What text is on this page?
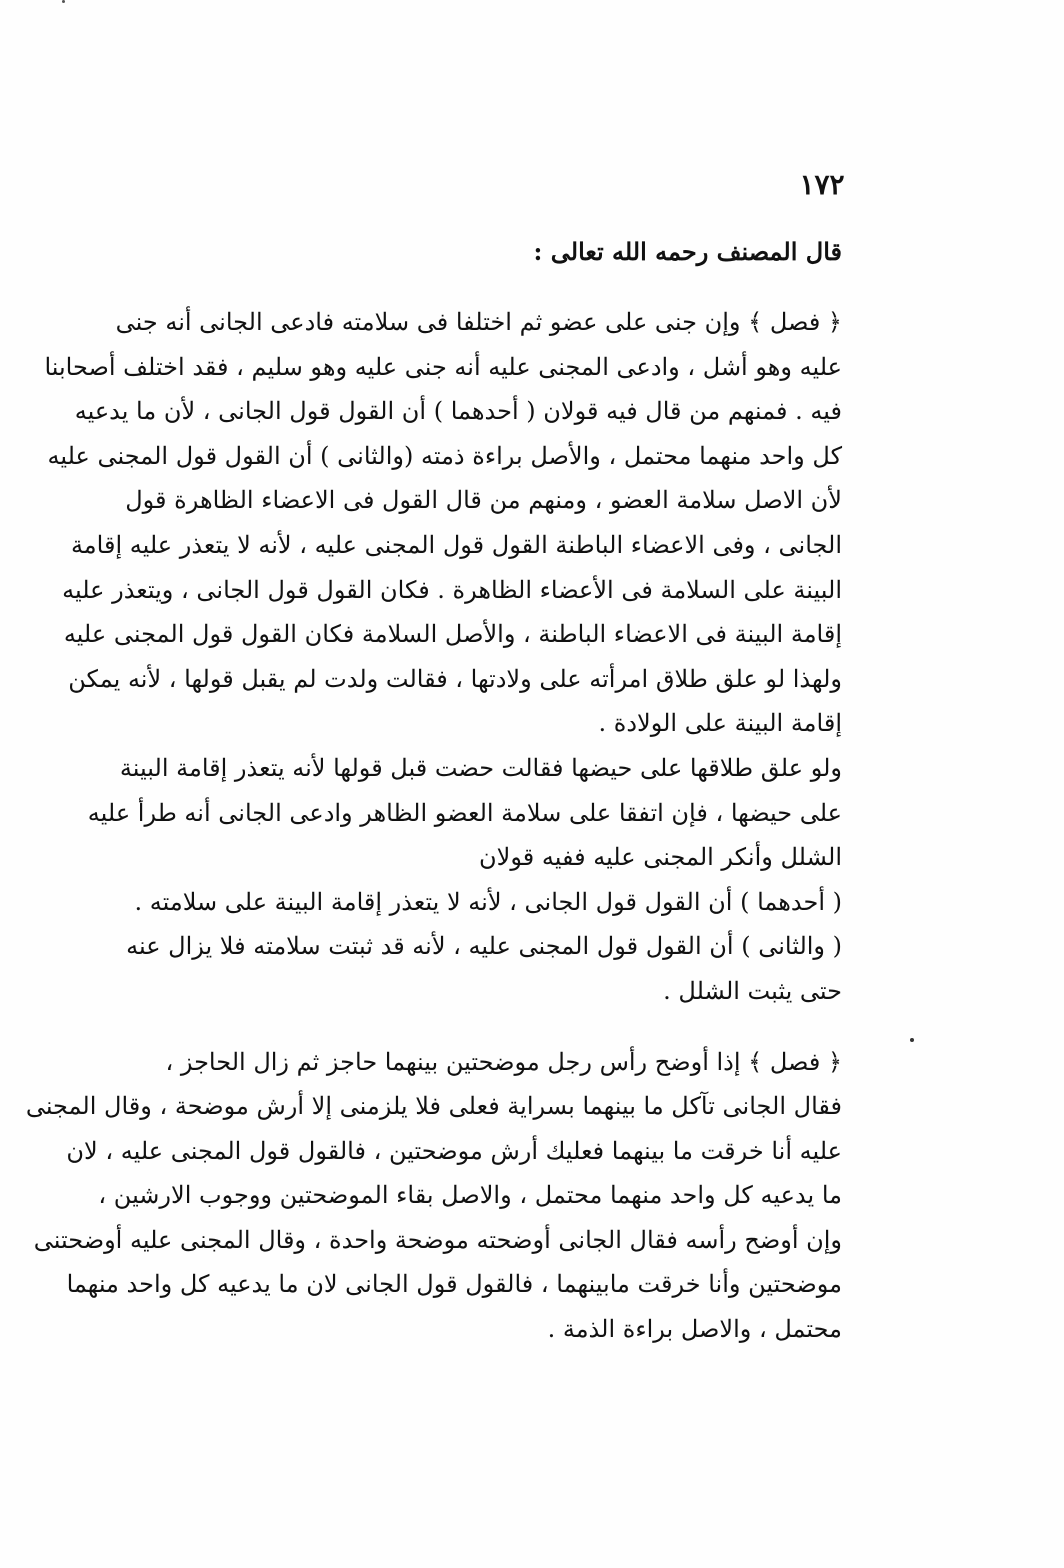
١٧٢
قال المصنف رحمه الله تعالى :
﴿ فصل ﴾ وإن جنى على عضو ثم اختلفا فى سلامته فادعى الجانى أنه جنى
عليه وهو أشل ، وادعى المجنى عليه أنه جنى عليه وهو سليم ، فقد اختلف أصحابنا
فيه . فمنهم من قال فيه قولان ( أحدهما ) أن القول قول الجانى ، لأن ما يدعيه
كل واحد منهما محتمل ، والأصل براءة ذمته (والثانى ) أن القول قول المجنى عليه
لأن الاصل سلامة العضو ، ومنهم من قال القول فى الاعضاء الظاهرة قول
الجانى ، وفى الاعضاء الباطنة القول قول المجنى عليه ، لأنه لا يتعذر عليه إقامة
البينة على السلامة فى الأعضاء الظاهرة . فكان القول قول الجانى ، ويتعذر عليه
إقامة البينة فى الاعضاء الباطنة ، والأصل السلامة فكان القول قول المجنى عليه
ولهذا لو علق طلاق امرأته على ولادتها ، فقالت ولدت لم يقبل قولها ، لأنه يمكن
إقامة البينة على الولادة .
ولو علق طلاقها على حيضها فقالت حضت قبل قولها لأنه يتعذر إقامة البينة
على حيضها ، فإن اتفقا على سلامة العضو الظاهر وادعى الجانى أنه طرأ عليه
الشلل وأنكر المجنى عليه ففيه قولان
( أحدهما ) أن القول قول الجانى ، لأنه لا يتعذر إقامة البينة على سلامته .
( والثانى ) أن القول قول المجنى عليه ، لأنه قد ثبتت سلامته فلا يزال عنه
حتى يثبت الشلل .
﴿ فصل ﴾ إذا أوضح رأس رجل موضحتين بينهما حاجز ثم زال الحاجز ،
فقال الجانى تآكل ما بينهما بسراية فعلى فلا يلزمنى إلا أرش موضحة ، وقال المجنى
عليه أنا خرقت ما بينهما فعليك أرش موضحتين ، فالقول قول المجنى عليه ، لان
ما يدعيه كل واحد منهما محتمل ، والاصل بقاء الموضحتين ووجوب الارشين ،
وإن أوضح رأسه فقال الجانى أوضحته موضحة واحدة ، وقال المجنى عليه أوضحتنى
موضحتين وأنا خرقت مابينهما ، فالقول قول الجانى لان ما يدعيه كل واحد منهما
محتمل ، والاصل براءة الذمة .
